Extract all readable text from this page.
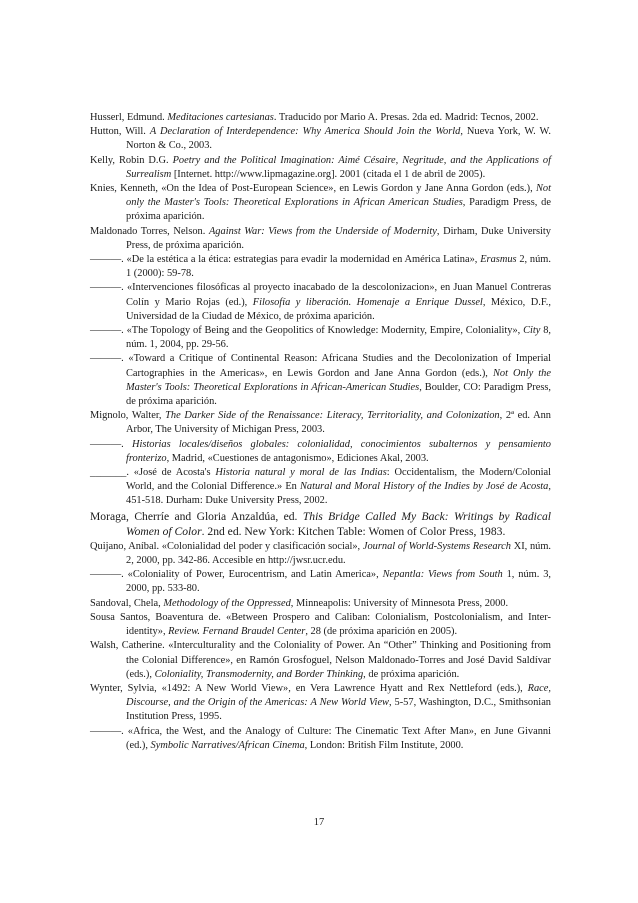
Husserl, Edmund. Meditaciones cartesianas. Traducido por Mario A. Presas. 2da ed. Madrid: Tecnos, 2002.

Hutton, Will. A Declaration of Interdependence: Why America Should Join the World, Nueva York, W. W. Norton & Co., 2003.

Kelly, Robin D.G. Poetry and the Political Imagination: Aimé Césaire, Negritude, and the Applications of Surrealism [Internet. http://www.lipmagazine.org]. 2001 (citada el 1 de abril de 2005).

Knies, Kenneth, «On the Idea of Post-European Science», en Lewis Gordon y Jane Anna Gordon (eds.), Not only the Master's Tools: Theoretical Explorations in African American Studies, Paradigm Press, de próxima aparición.

Maldonado Torres, Nelson. Against War: Views from the Underside of Modernity, Dirham, Duke University Press, de próxima aparición.

———. «De la estética a la ética: estrategias para evadir la modernidad en América Latina», Erasmus 2, núm. 1 (2000): 59-78.

———. «Intervenciones filosóficas al proyecto inacabado de la descolonizacion», en Juan Manuel Contreras Colín y Mario Rojas (ed.), Filosofía y liberación. Homenaje a Enrique Dussel, México, D.F., Universidad de la Ciudad de México, de próxima aparición.

———. «The Topology of Being and the Geopolitics of Knowledge: Modernity, Empire, Coloniality», City 8, núm. 1, 2004, pp. 29-56.

———. «Toward a Critique of Continental Reason: Africana Studies and the Decolonization of Imperial Cartographies in the Americas», en Lewis Gordon and Jane Anna Gordon (eds.), Not Only the Master's Tools: Theoretical Explorations in African-American Studies, Boulder, CO: Paradigm Press, de próxima aparición.

Mignolo, Walter, The Darker Side of the Renaissance: Literacy, Territoriality, and Colonization, 2ª ed. Ann Arbor, The University of Michigan Press, 2003.

———. Historias locales/diseños globales: colonialidad, conocimientos subalternos y pensamiento fronterizo, Madrid, «Cuestiones de antagonismo», Ediciones Akal, 2003.

_______. «José de Acosta's Historia natural y moral de las Indias: Occidentalism, the Modern/Colonial World, and the Colonial Difference.» En Natural and Moral History of the Indies by José de Acosta, 451-518. Durham: Duke University Press, 2002.

Moraga, Cherríe and Gloria Anzaldúa, ed. This Bridge Called My Back: Writings by Radical Women of Color. 2nd ed. New York: Kitchen Table: Women of Color Press, 1983.

Quijano, Aníbal. «Colonialidad del poder y clasificación social», Journal of World-Systems Research XI, núm. 2, 2000, pp. 342-86. Accesible en http://jwsr.ucr.edu.

———. «Coloniality of Power, Eurocentrism, and Latin America», Nepantla: Views from South 1, núm. 3, 2000, pp. 533-80.

Sandoval, Chela, Methodology of the Oppressed, Minneapolis: University of Minnesota Press, 2000.

Sousa Santos, Boaventura de. «Between Prospero and Caliban: Colonialism, Postcolonialism, and Inter-identity», Review. Fernand Braudel Center, 28 (de próxima aparición en 2005).

Walsh, Catherine. «Interculturality and the Coloniality of Power. An “Other” Thinking and Positioning from the Colonial Difference», en Ramón Grosfoguel, Nelson Maldonado-Torres and José David Saldívar (eds.), Coloniality, Transmodernity, and Border Thinking, de próxima aparición.

Wynter, Sylvia, «1492: A New World View», en Vera Lawrence Hyatt and Rex Nettleford (eds.), Race, Discourse, and the Origin of the Americas: A New World View, 5-57, Washington, D.C., Smithsonian Institution Press, 1995.

———. «Africa, the West, and the Analogy of Culture: The Cinematic Text After Man», en June Givanni (ed.), Symbolic Narratives/African Cinema, London: British Film Institute, 2000.

17
